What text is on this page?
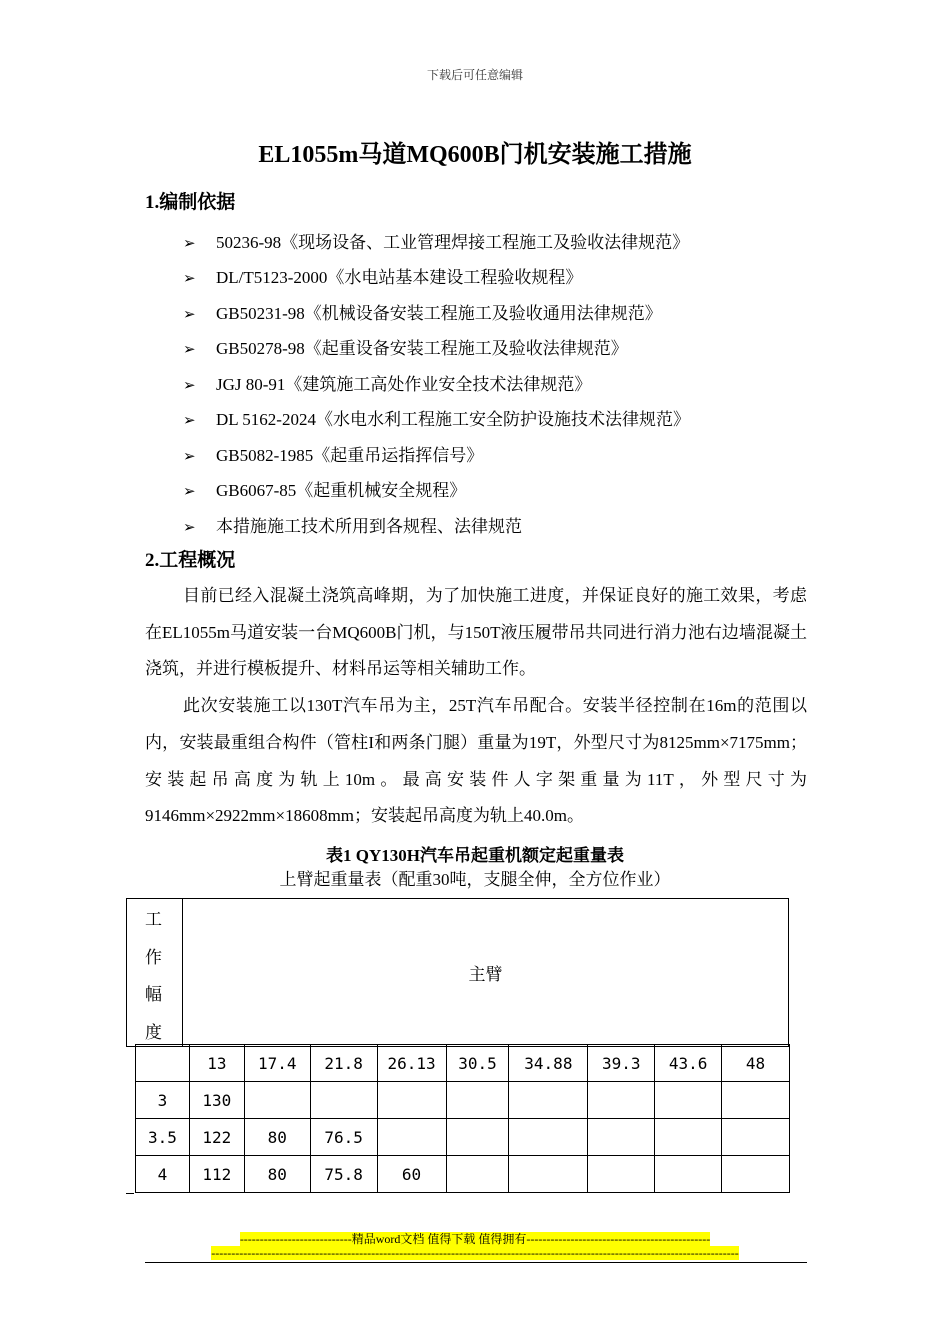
下载后可任意编辑
EL1055m马道MQ600B门机安装施工措施
1.编制依据
➢ 50236-98《现场设备、工业管理焊接工程施工及验收法律规范》
➢ DL/T5123-2000《水电站基本建设工程验收规程》
➢ GB50231-98《机械设备安装工程施工及验收通用法律规范》
➢ GB50278-98《起重设备安装工程施工及验收法律规范》
➢ JGJ 80-91《建筑施工高处作业安全技术法律规范》
➢ DL 5162-2024《水电水利工程施工安全防护设施技术法律规范》
➢ GB5082-1985《起重吊运指挥信号》
➢ GB6067-85《起重机械安全规程》
➢ 本措施施工技术所用到各规程、法律规范
2.工程概况

目前已经入混凝土浇筑高峰期，为了加快施工进度，并保证良好的施工效果，考虑在EL1055m马道安装一台MQ600B门机，与150T液压履带吊共同进行消力池右边墙混凝土浇筑，并进行模板提升、材料吊运等相关辅助工作。

此次安装施工以130T汽车吊为主，25T汽车吊配合。安装半径控制在16m的范围以内，安装最重组合构件（管柱I和两条门腿）重量为19T，外型尺寸为8125mm×7175mm；安装起吊高度为轨上10m。最高安装件人字架重量为11T，外型尺寸为9146mm×2922mm×18608mm；安装起吊高度为轨上40.0m。

表1 QY130H汽车吊起重机额定起重量表
上臂起重量表（配重30吨，支腿全伸，全方位作业）
工作幅度
主臂
	13	17.4	21.8	26.13	30.5	34.88	39.3	43.6	48
3	130								
3.5	122	80	76.5						
4	112	80	75.8	60					
----------------------------精品word文档 值得下载 值得拥有----------------------------------------------
------------------------------------------------------------------------------------------------------------------------------------
